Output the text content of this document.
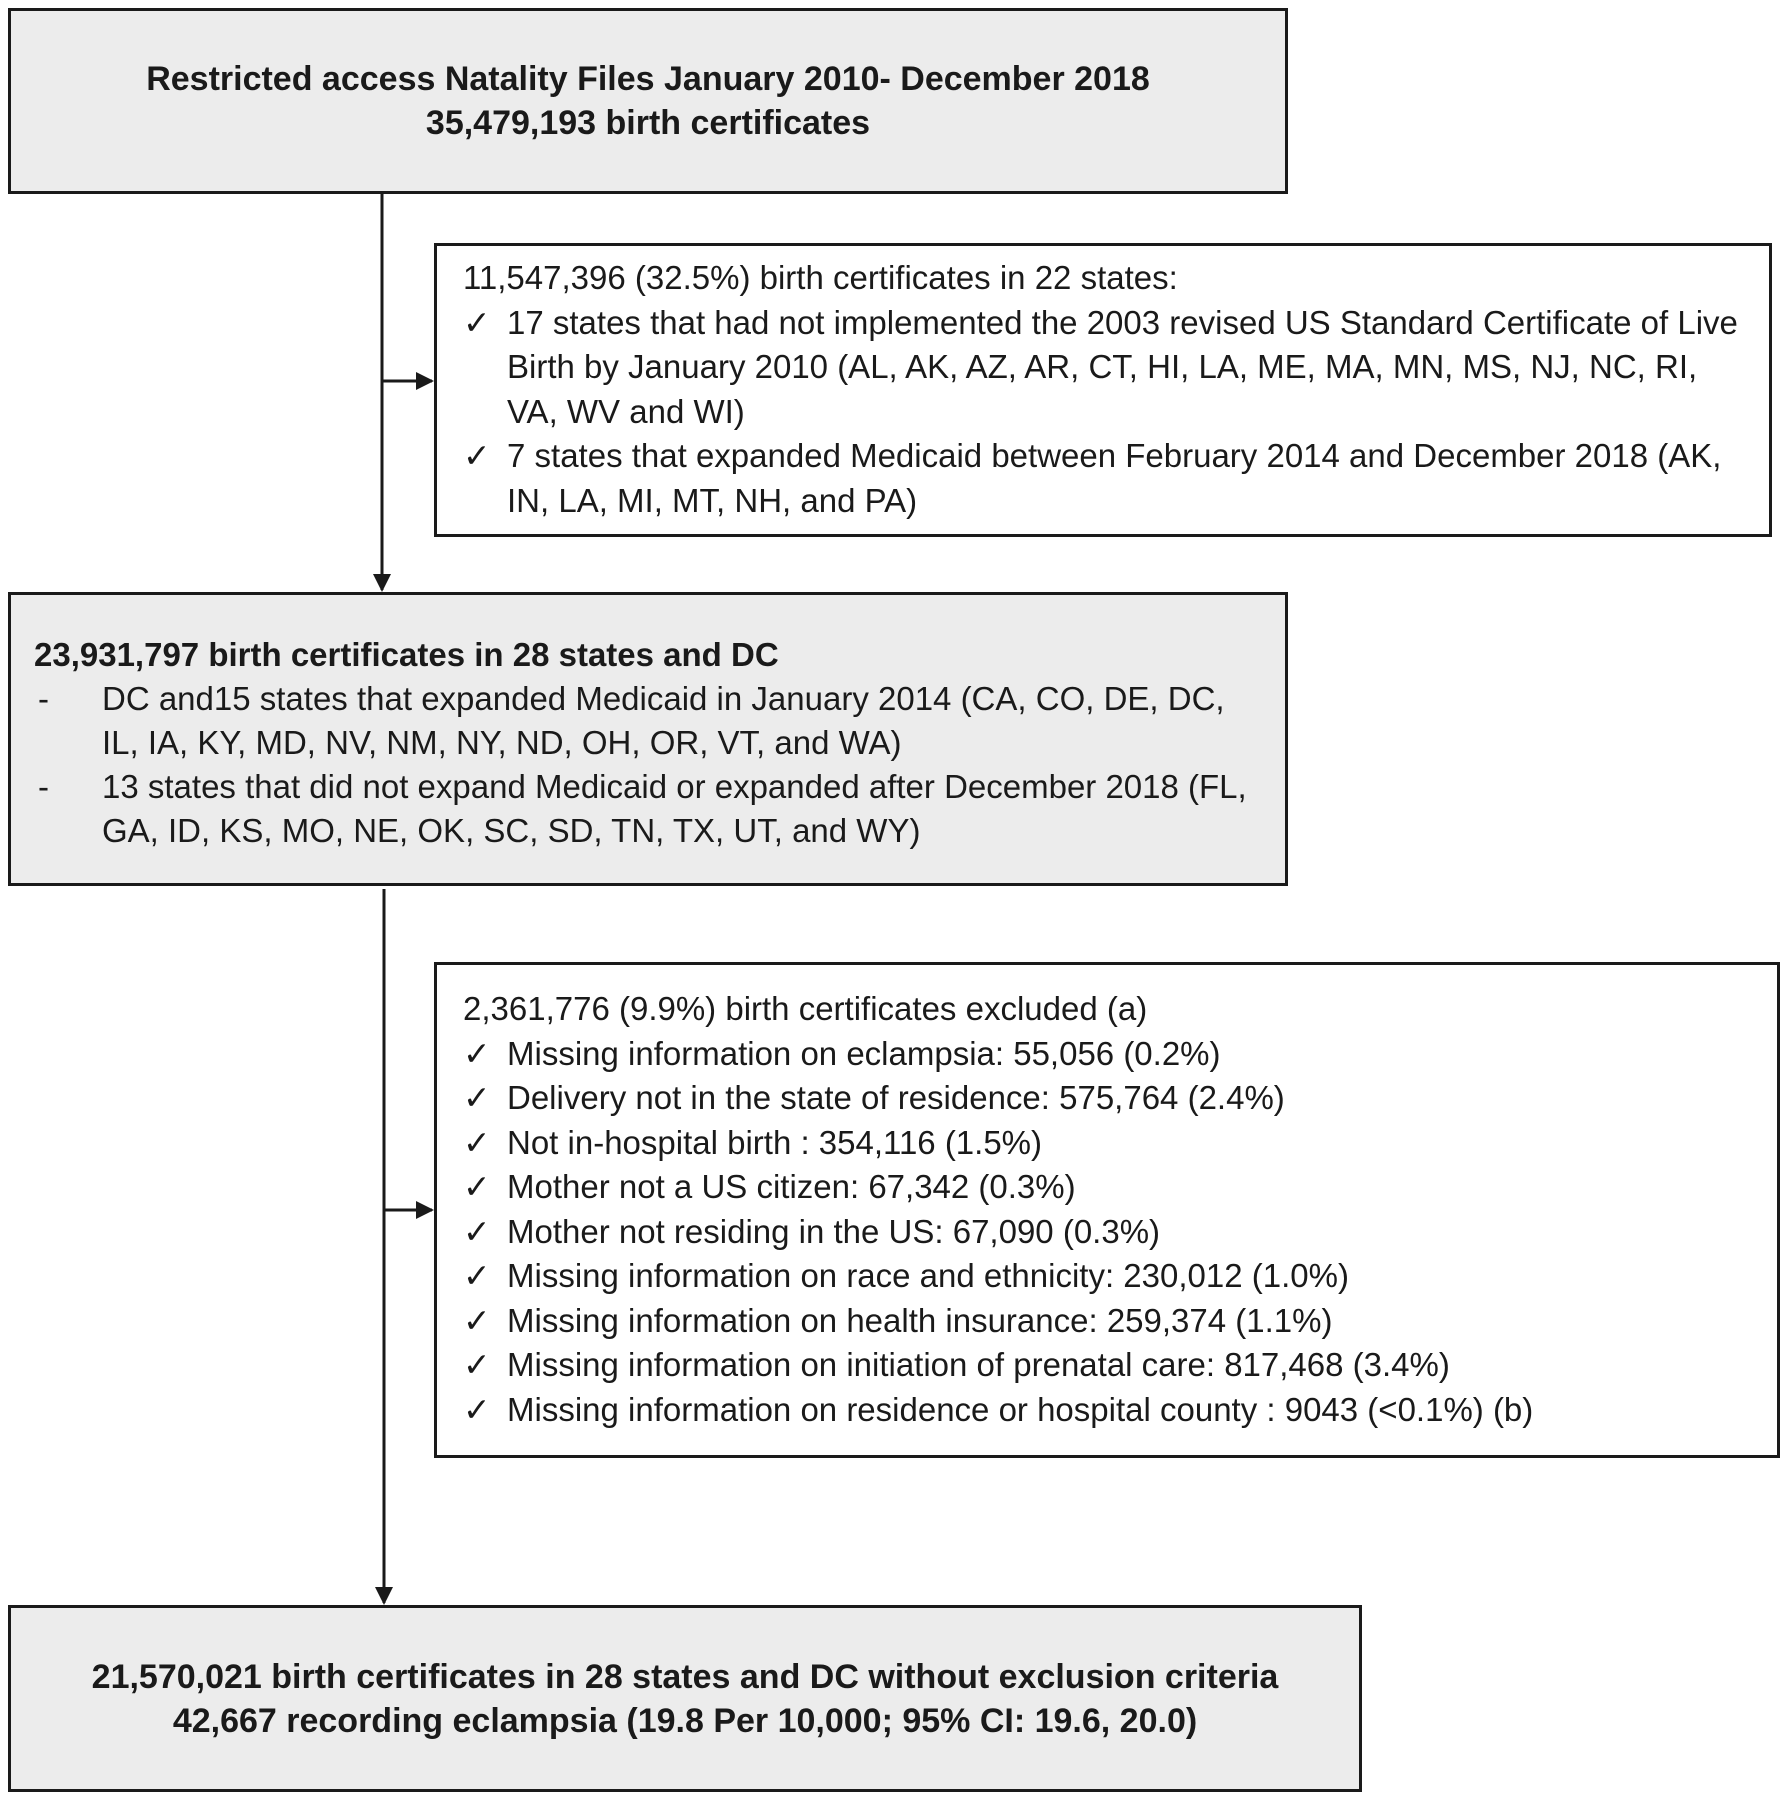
Restricted access Natality Files January 2010- December 2018
35,479,193 birth certificates
11,547,396 (32.5%) birth certificates in 22 states:
✓ 17 states that had not implemented the 2003 revised US Standard Certificate of Live Birth by January 2010 (AL, AK, AZ, AR, CT, HI, LA, ME, MA, MN, MS, NJ, NC, RI, VA, WV and WI)
✓ 7 states that expanded Medicaid between February 2014 and December 2018 (AK, IN, LA, MI, MT, NH, and PA)
23,931,797 birth certificates in 28 states and DC
-	DC and15 states that expanded Medicaid in January 2014 (CA, CO, DE, DC, IL, IA, KY, MD, NV, NM, NY, ND, OH, OR, VT, and WA)
-	13 states that did not expand Medicaid or expanded after December 2018 (FL, GA, ID, KS, MO, NE, OK, SC, SD, TN, TX, UT, and WY)
2,361,776 (9.9%) birth certificates excluded (a)
✓ Missing information on eclampsia: 55,056 (0.2%)
✓ Delivery not in the state of residence: 575,764 (2.4%)
✓ Not in-hospital birth : 354,116 (1.5%)
✓ Mother not a US citizen: 67,342 (0.3%)
✓ Mother not residing in the US: 67,090 (0.3%)
✓ Missing information on race and ethnicity: 230,012 (1.0%)
✓ Missing information on health insurance: 259,374 (1.1%)
✓ Missing information on initiation of prenatal care: 817,468 (3.4%)
✓ Missing information on residence or hospital county : 9043 (<0.1%) (b)
21,570,021 birth certificates in 28 states and DC without exclusion criteria
42,667 recording eclampsia (19.8 Per 10,000; 95% CI: 19.6, 20.0)
